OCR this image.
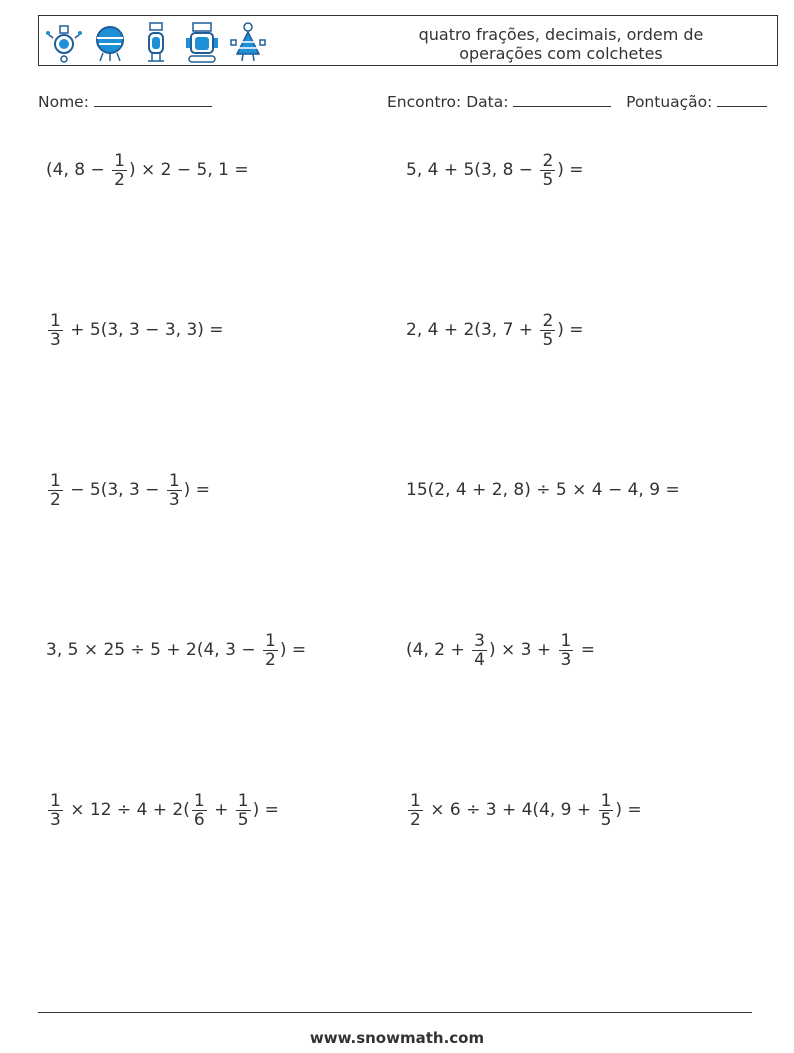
quatro frações, decimais, ordem de
operações com colchetes
Nome:	Encontro: Data:	Pontuação:
(4, $8 - \frac{1}{2}$ ) × 2 − 5, 1 =	5, 4 + 5(3, $8 - \frac{2}{5}$ ) =
$\frac{1}{3} + 5(3$, 3 − 3, 3) =	2, 4 + 2(3, $7 + \frac{2}{5}$ ) =
$\frac{1}{2} - 5(3$, $3 - \frac{1}{3}$ ) =	15(2, 4 + 2, 8) ÷ 5 × 4 − 4, 9 =
3, 5 × 25 ÷ 5 + 2(4, $3 - \frac{1}{2}$ ) =	(4, $2 + \frac{3}{4}$ ) × $3 + \frac{1}{3}$ =
$\frac{1}{3} \times 12 \div 4 + 2( \frac{1}{6} + \frac{1}{5}$ ) =	$\frac{1}{2} \times 6 \div 3 + 4(4$, $9 + \frac{1}{5}$ ) =
www.snowmath.com
